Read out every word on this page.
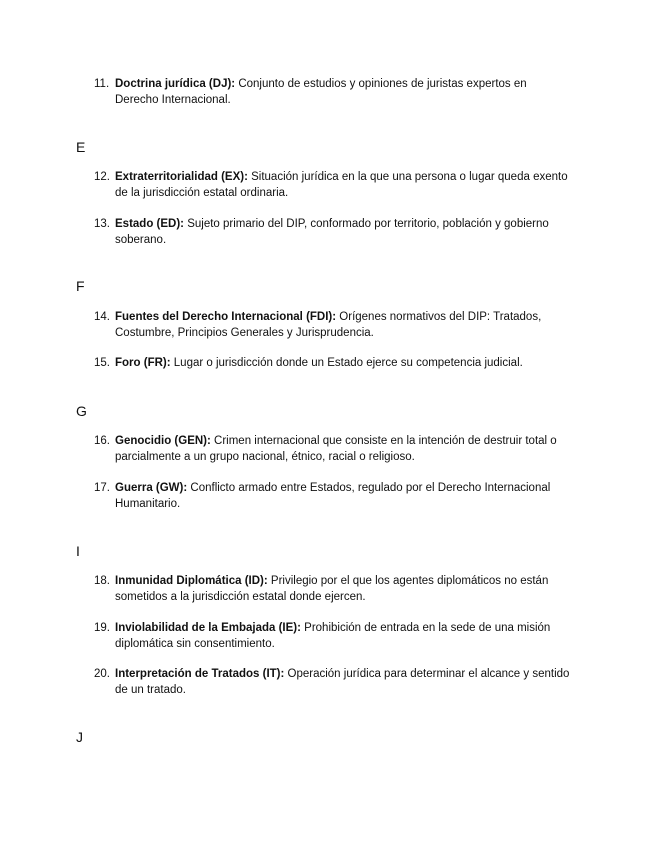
11. Doctrina jurídica (DJ): Conjunto de estudios y opiniones de juristas expertos en Derecho Internacional.
E
12. Extraterritorialidad (EX): Situación jurídica en la que una persona o lugar queda exento de la jurisdicción estatal ordinaria.
13. Estado (ED): Sujeto primario del DIP, conformado por territorio, población y gobierno soberano.
F
14. Fuentes del Derecho Internacional (FDI): Orígenes normativos del DIP: Tratados, Costumbre, Principios Generales y Jurisprudencia.
15. Foro (FR): Lugar o jurisdicción donde un Estado ejerce su competencia judicial.
G
16. Genocidio (GEN): Crimen internacional que consiste en la intención de destruir total o parcialmente a un grupo nacional, étnico, racial o religioso.
17. Guerra (GW): Conflicto armado entre Estados, regulado por el Derecho Internacional Humanitario.
I
18. Inmunidad Diplomática (ID): Privilegio por el que los agentes diplomáticos no están sometidos a la jurisdicción estatal donde ejercen.
19. Inviolabilidad de la Embajada (IE): Prohibición de entrada en la sede de una misión diplomática sin consentimiento.
20. Interpretación de Tratados (IT): Operación jurídica para determinar el alcance y sentido de un tratado.
J
